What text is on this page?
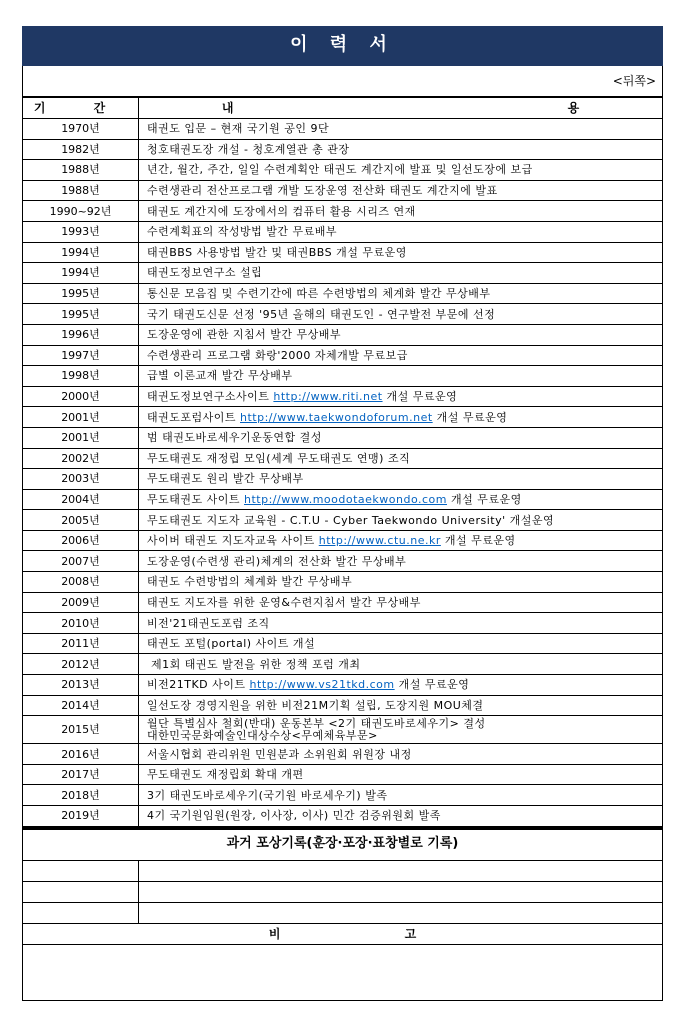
이 력 서
<뒤쪽>
기 간	내 용
1970년	태권도 입문 – 현재 국기원 공인 9단

1982년	청호태권도장 개설 - 청호계열관 총 관장

1988년	년간, 월간, 주간, 일일 수련계획안 태권도 계간지에 발표 및 일선도장에 보급

1988년	수련생관리 전산프로그램 개발 도장운영 전산화 태권도 계간지에 발표

1990~92년	태권도 계간지에 도장에서의 컴퓨터 활용 시리즈 연재

1993년	수련계획표의 작성방법 발간 무료배부

1994년	태권BBS 사용방법 발간 및 태권BBS 개설 무료운영

1994년	태권도정보연구소 설립

1995년	통신문 모음집 및 수련기간에 따른 수련방법의 체계화 발간 무상배부

1995년	국기 태권도신문 선정 '95년 올해의 태권도인 - 연구발전 부문에 선정

1996년	도장운영에 관한 지침서 발간 무상배부

1997년	수련생관리 프로그램 화랑'2000 자체개발 무료보급

1998년	급별 이론교재 발간 무상배부

2000년	태권도정보연구소사이트 http://www.riti.net 개설 무료운영
2001년	태권도포럼사이트 http://www.taekwondoforum.net 개설 무료운영
2001년	범 태권도바로세우기운동연합 결성

2002년	무도태권도 재정립 모임(세계 무도태권도 연맹) 조직

2003년	무도태권도 원리 발간 무상배부

2004년	무도태권도 사이트 http://www.moodotaekwondo.com 개설 무료운영
2005년	무도태권도 지도자 교육원 - C.T.U - Cyber Taekwondo University' 개설운영

2006년	사이버 태권도 지도자교육 사이트 http://www.ctu.ne.kr 개설 무료운영
2007년	도장운영(수련생 관리)체계의 전산화 발간 무상배부

2008년	태권도 수련방법의 체계화 발간 무상배부

2009년	태권도 지도자를 위한 운영&수련지침서 발간 무상배부

2010년	비전'21태권도포럼 조직

2011년	태권도 포털(portal) 사이트 개설

2012년	제1회 태권도 발전을 위한 정책 포럼 개최

2013년	비전21TKD 사이트 http://www.vs21tkd.com 개설 무료운영
2014년	일선도장 경영지원을 위한 비전21M기획 설립, 도장지원 MOU체결

2015년	월단 특별심사 철회(반대) 운동본부 <2기 태권도바로세우기> 결성
대한민국문화예술인대상수상<무예체육부문>

2016년	서울시협회 관리위원 민원분과 소위원회 위원장 내정

2017년	무도태권도 재정립회 확대 개편

2018년	3기 태권도바로세우기(국기원 바로세우기) 발족

2019년	4기 국기원임원(원장, 이사장, 이사) 민간 검증위원회 발족
과거 포상기록(훈장·포장·표창별로 기록)

비 고
